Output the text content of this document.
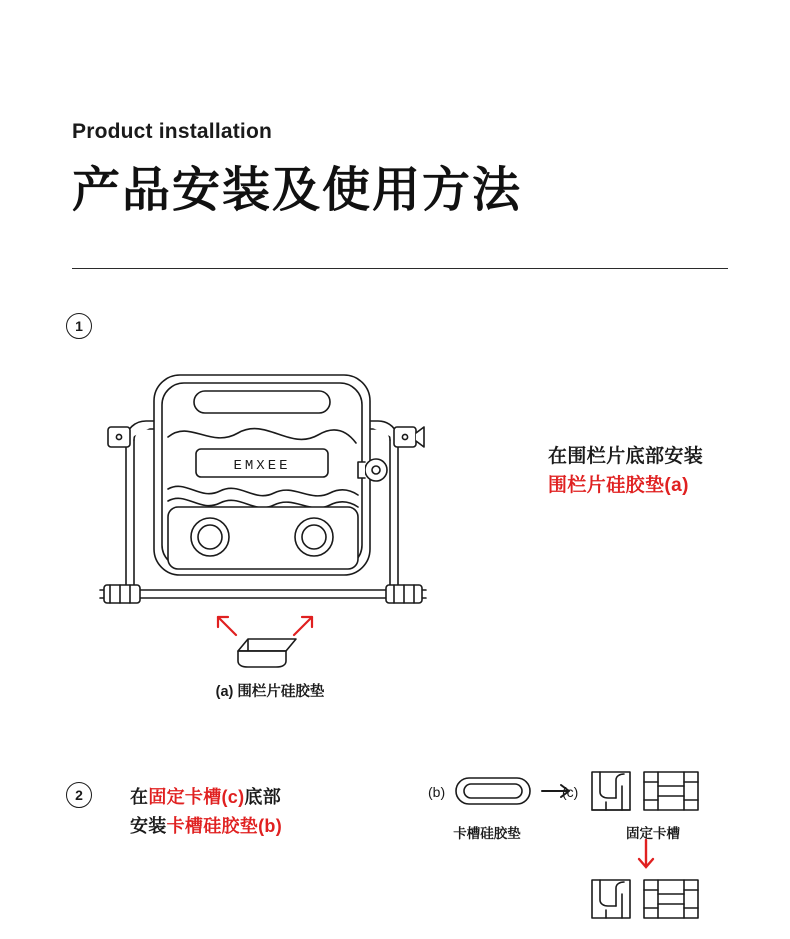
Product installation
产品安装及使用方法
1
EMXEE
(a) 围栏片硅胶垫
在围栏片底部安装
围栏片硅胶垫(a)
2	在固定卡槽(c)底部
安装卡槽硅胶垫(b)
(b)	(c)
卡槽硅胶垫	固定卡槽
